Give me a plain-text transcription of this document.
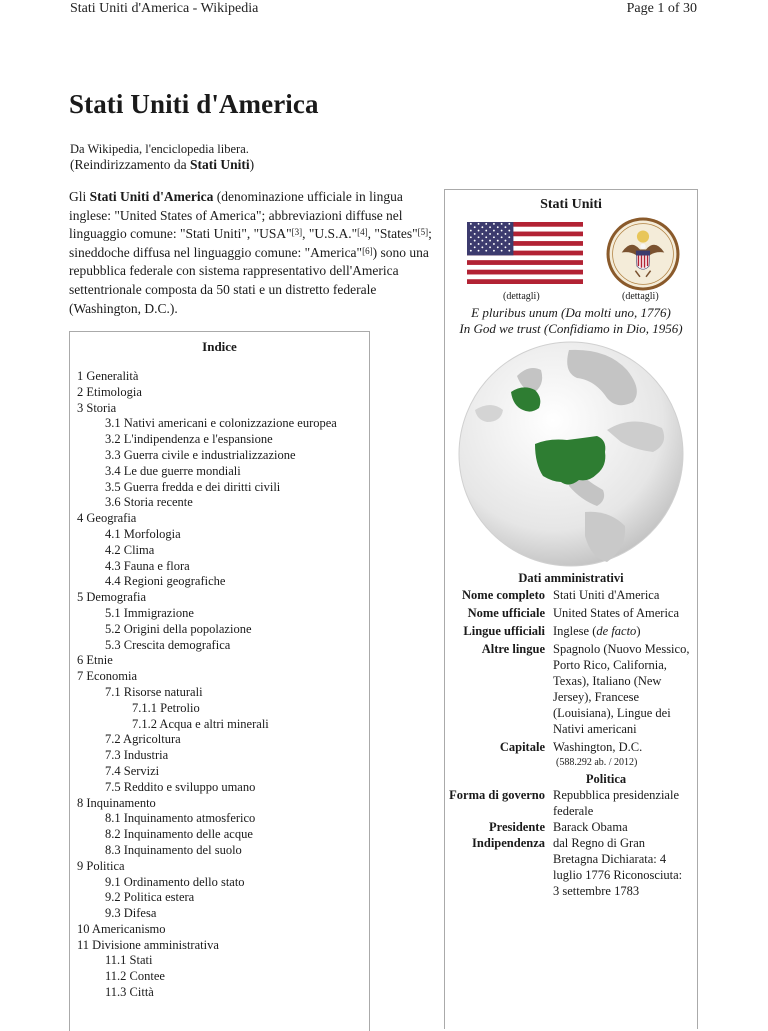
Stati Uniti d'America - Wikipedia	Page 1 of 30
Stati Uniti d'America
Da Wikipedia, l'enciclopedia libera.
(Reindirizzamento da Stati Uniti)

Gli Stati Uniti d'America (denominazione ufficiale in lingua inglese: "United States of America"; abbreviazioni diffuse nel linguaggio comune: "Stati Uniti", "USA"[3], "U.S.A."[4], "States"[5]; sineddoche diffusa nel linguaggio comune: "America"[6]) sono una repubblica federale con sistema rappresentativo dell'America settentrionale composta da 50 stati e un distretto federale (Washington, D.C.).

Indice
1 Generalità
2 Etimologia
3 Storia
3.1 Nativi americani e colonizzazione europea
3.2 L'indipendenza e l'espansione
3.3 Guerra civile e industrializzazione
3.4 Le due guerre mondiali
3.5 Guerra fredda e dei diritti civili
3.6 Storia recente
4 Geografia
4.1 Morfologia
4.2 Clima
4.3 Fauna e flora
4.4 Regioni geografiche
5 Demografia
5.1 Immigrazione
5.2 Origini della popolazione
5.3 Crescita demografica
6 Etnie
7 Economia
7.1 Risorse naturali
7.1.1 Petrolio
7.1.2 Acqua e altri minerali
7.2 Agricoltura
7.3 Industria
7.4 Servizi
7.5 Reddito e sviluppo umano
8 Inquinamento
8.1 Inquinamento atmosferico
8.2 Inquinamento delle acque
8.3 Inquinamento del suolo
9 Politica
9.1 Ordinamento dello stato
9.2 Politica estera
9.3 Difesa
10 Americanismo
11 Divisione amministrativa
11.1 Stati
11.2 Contee
11.3 Città
Stati Uniti
(dettagli)	(dettagli)
E pluribus unum (Da molti uno, 1776)
In God we trust (Confidiamo in Dio, 1956)
Dati amministrativi
Nome completo	Stati Uniti d'America
Nome ufficiale	United States of America
Lingue ufficiali	Inglese (de facto)
Altre lingue	Spagnolo (Nuovo Messico, Porto Rico, California, Texas), Italiano (New Jersey), Francese (Louisiana), Lingue dei Nativi americani
Capitale	Washington, D.C.
	(588.292 ab. / 2012)
Politica	
Forma di governo	Repubblica presidenziale federale
Presidente	Barack Obama
Indipendenza	dal Regno di Gran Bretagna Dichiarata: 4 luglio 1776 Riconosciuta: 3 settembre 1783
